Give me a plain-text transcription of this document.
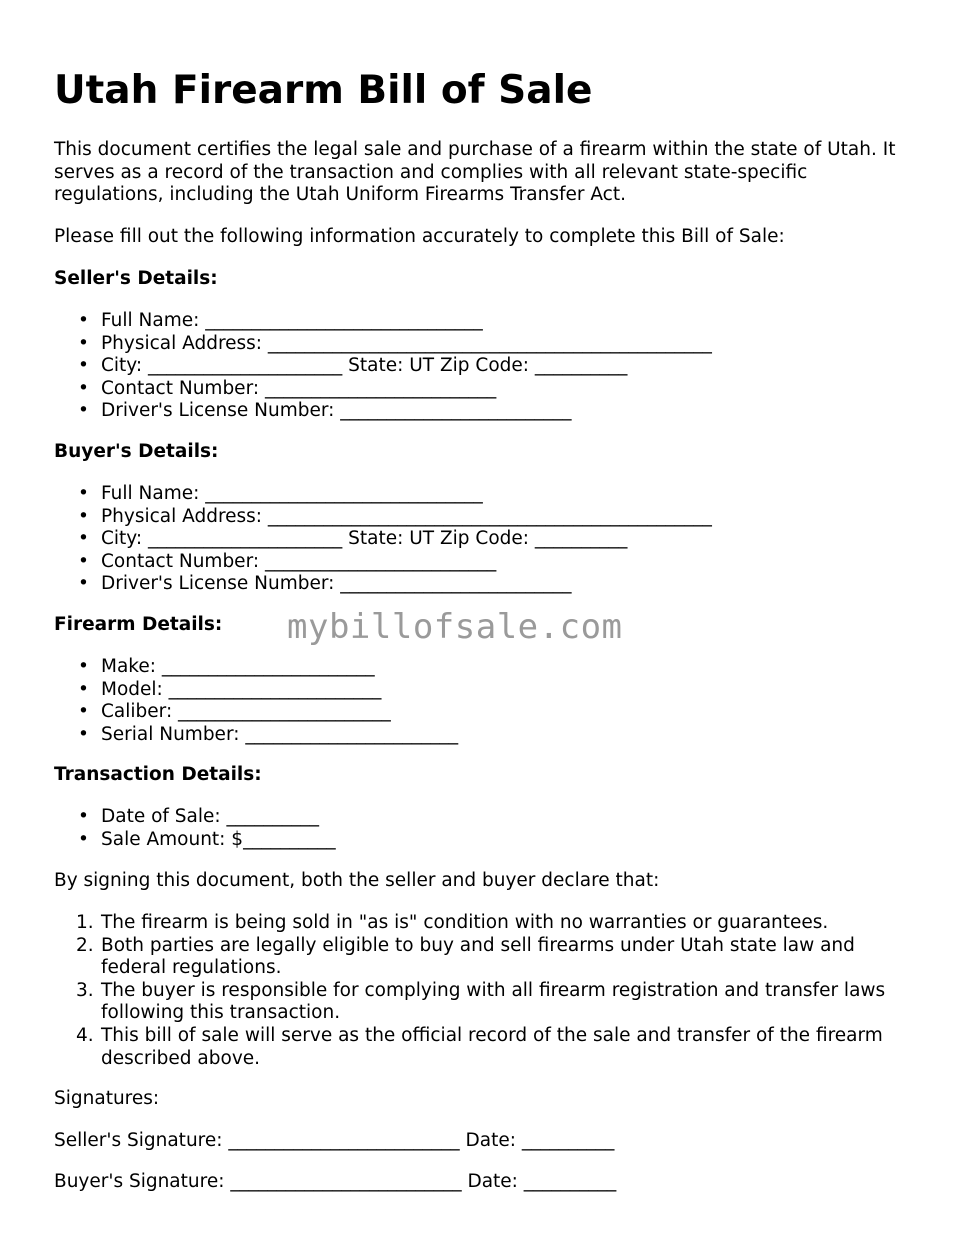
Utah Firearm Bill of Sale
This document certifies the legal sale and purchase of a firearm within the state of Utah. It serves as a record of the transaction and complies with all relevant state-specific regulations, including the Utah Uniform Firearms Transfer Act.
Please fill out the following information accurately to complete this Bill of Sale:
Seller's Details:
• Full Name: ______________________________
• Physical Address: ________________________________________________
• City: _____________________ State: UT Zip Code: __________
• Contact Number: _________________________
• Driver's License Number: _________________________
Buyer's Details:
• Full Name: ______________________________
• Physical Address: ________________________________________________
• City: _____________________ State: UT Zip Code: __________
• Contact Number: _________________________
• Driver's License Number: _________________________
Firearm Details:
• Make: _______________________
• Model: _______________________
• Caliber: _______________________
• Serial Number: _______________________
Transaction Details:
• Date of Sale: __________
• Sale Amount: $__________
By signing this document, both the seller and buyer declare that:
1. The firearm is being sold in "as is" condition with no warranties or guarantees.
2. Both parties are legally eligible to buy and sell firearms under Utah state law and federal regulations.
3. The buyer is responsible for complying with all firearm registration and transfer laws following this transaction.
4. This bill of sale will serve as the official record of the sale and transfer of the firearm described above.
Signatures:
Seller's Signature: _________________________ Date: __________
Buyer's Signature: _________________________ Date: __________
mybillofsale.com
